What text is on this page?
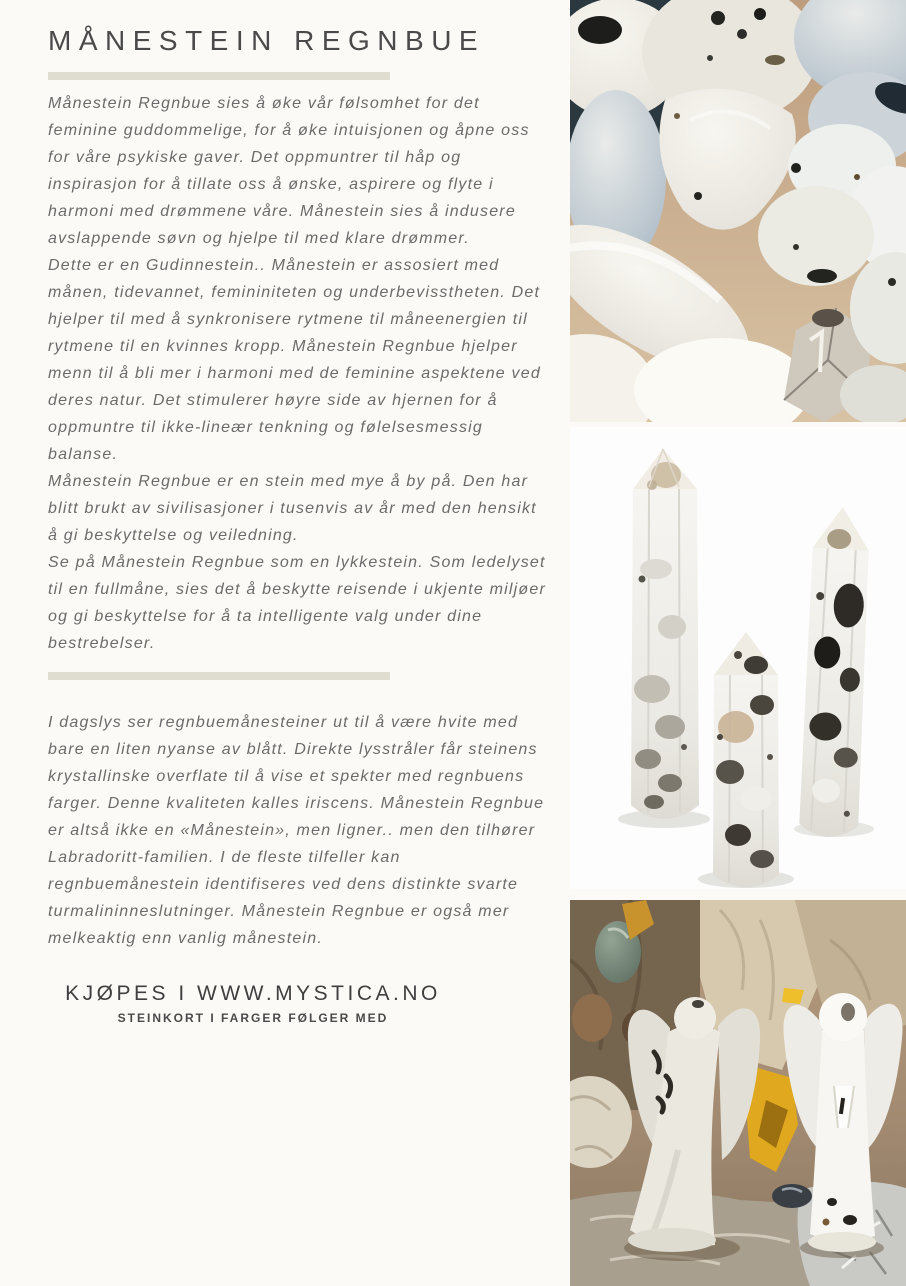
MÅNESTEIN REGNBUE

Månestein Regnbue sies å øke vår følsomhet for det feminine guddommelige, for å øke intuisjonen og åpne oss for våre psykiske gaver. Det oppmuntrer til håp og inspirasjon for å tillate oss å ønske, aspirere og flyte i harmoni med drømmene våre. Månestein sies å indusere avslappende søvn og hjelpe til med klare drømmer.

Dette er en Gudinnestein.. Månestein er assosiert med månen, tidevannet, femininiteten og underbevisstheten. Det hjelper til med å synkronisere rytmene til måneenergien til rytmene til en kvinnes kropp. Månestein Regnbue hjelper menn til å bli mer i harmoni med de feminine aspektene ved deres natur. Det stimulerer høyre side av hjernen for å oppmuntre til ikke-lineær tenkning og følelsesmessig balanse.

Månestein Regnbue er en stein med mye å by på. Den har blitt brukt av sivilisasjoner i tusenvis av år med den hensikt å gi beskyttelse og veiledning.

Se på Månestein Regnbue som en lykkestein. Som ledelyset til en fullmåne, sies det å beskytte reisende i ukjente miljøer og gi beskyttelse for å ta intelligente valg under dine bestrebelser.

I dagslys ser regnbuemånesteiner ut til å være hvite med bare en liten nyanse av blått. Direkte lysstråler får steinens krystallinske overflate til å vise et spekter med regnbuens farger. Denne kvaliteten kalles iriscens. Månestein Regnbue er altså ikke en «Månestein», men ligner.. men den tilhører Labradoritt-familien. I de fleste tilfeller kan regnbuemånestein identifiseres ved dens distinkte svarte turmalininneslutninger. Månestein Regnbue er også mer melkeaktig enn vanlig månestein.

KJØPES I WWW.MYSTICA.NO
STEINKORT I FARGER FØLGER MED
